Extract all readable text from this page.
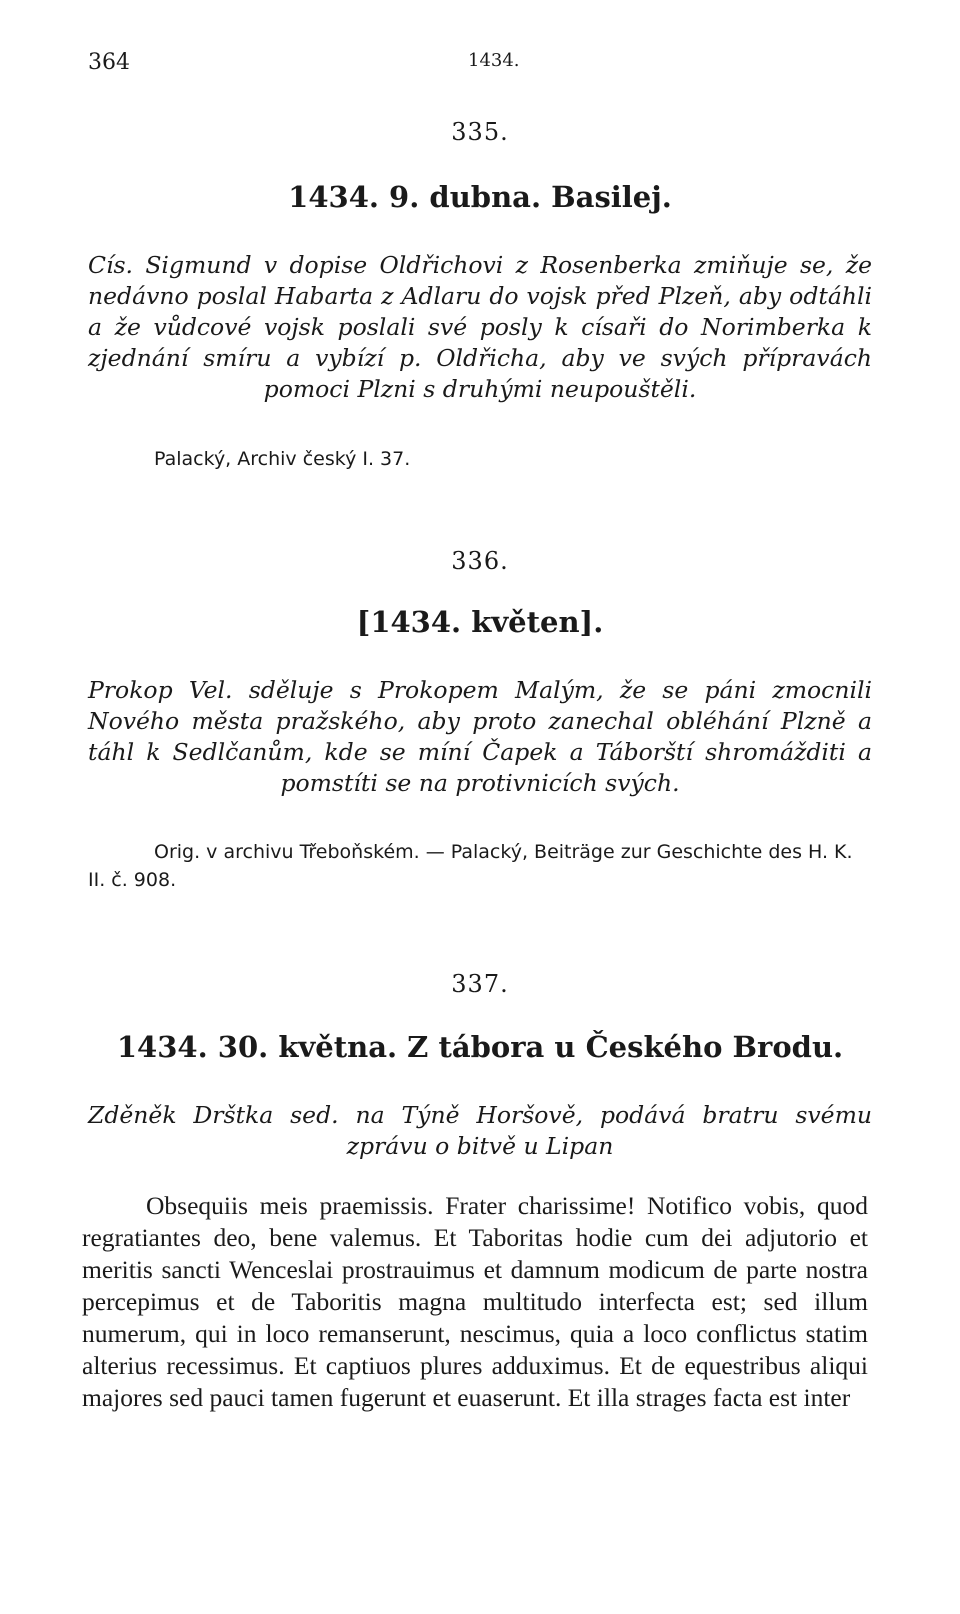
364	1434.
335.
1434. 9. dubna. Basilej.
Cís. Sigmund v dopise Oldřichovi z Rosenberka zmiňuje se, že nedávno poslal Habarta z Adlaru do vojsk před Plzeň, aby odtáhli a že vůdcové vojsk poslali své posly k císaři do Norimberka k zjednání smíru a vybízí p. Oldřicha, aby ve svých přípravách pomoci Plzni s druhými neupouštěli.
Palacký, Archiv český I. 37.
336.
[1434. květen].
Prokop Vel. sděluje s Prokopem Malým, že se páni zmocnili Nového města pražského, aby proto zanechal obléhání Plzně a táhl k Sedlčanům, kde se míní Čapek a Táborští shromážditi a pomstíti se na protivnicích svých.
Orig. v archivu Třeboňském. — Palacký, Beiträge zur Geschichte des H. K. II. č. 908.
337.
1434. 30. května. Z tábora u Českého Brodu.
Zděněk Drštka sed. na Týně Horšově, podává bratru svému zprávu o bitvě u Lipan
Obsequiis meis praemissis. Frater charissime! Notifico vobis, quod regratiantes deo, bene valemus. Et Taboritas hodie cum dei adjutorio et meritis sancti Wenceslai prostrauimus et damnum modicum de parte nostra percepimus et de Taboritis magna multitudo interfecta est; sed illum numerum, qui in loco remanserunt, nescimus, quia a loco conflictus statim alterius recessimus. Et captiuos plures adduximus. Et de equestribus aliqui majores sed pauci tamen fugerunt et euaserunt. Et illa strages facta est inter
